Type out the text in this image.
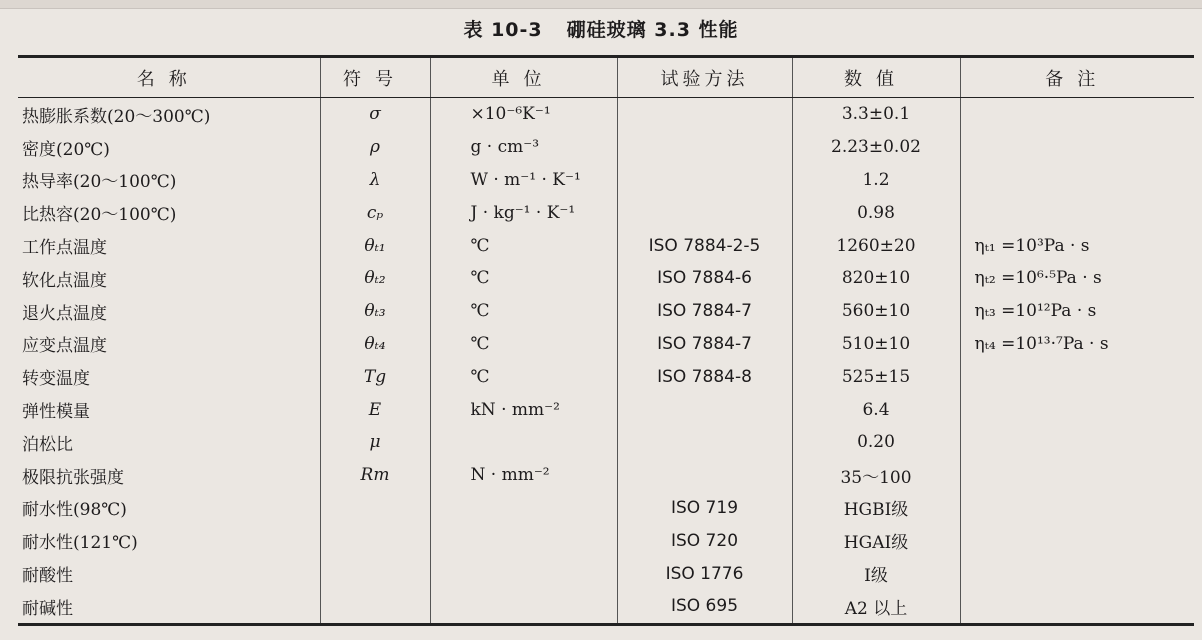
表 10-3 硼硅玻璃 3.3 性能
名称	符号	单位	试验方法	数值	备注
热膨胀系数(20～300℃)	σ	×10⁻⁶K⁻¹		3.3±0.1	
密度(20℃)	ρ	g · cm⁻³		2.23±0.02	
热导率(20～100℃)	λ	W · m⁻¹ · K⁻¹		1.2	
比热容(20～100℃)	cₚ	J · kg⁻¹ · K⁻¹		0.98	
工作点温度	θₜ₁	℃	ISO 7884-2-5	1260±20	ηₜ₁ =10³Pa · s
软化点温度	θₜ₂	℃	ISO 7884-6	820±10	ηₜ₂ =10⁶·⁵Pa · s
退火点温度	θₜ₃	℃	ISO 7884-7	560±10	ηₜ₃ =10¹²Pa · s
应变点温度	θₜ₄	℃	ISO 7884-7	510±10	ηₜ₄ =10¹³·⁷Pa · s
转变温度	Tg	℃	ISO 7884-8	525±15	
弹性模量	E	kN · mm⁻²		6.4	
泊松比	μ			0.20	
极限抗张强度	Rm	N · mm⁻²		35～100	
耐水性(98℃)			ISO 719	HGBⅠ级	
耐水性(121℃)			ISO 720	HGAⅠ级	
耐酸性			ISO 1776	Ⅰ级	
耐碱性			ISO 695	A2 以上	
